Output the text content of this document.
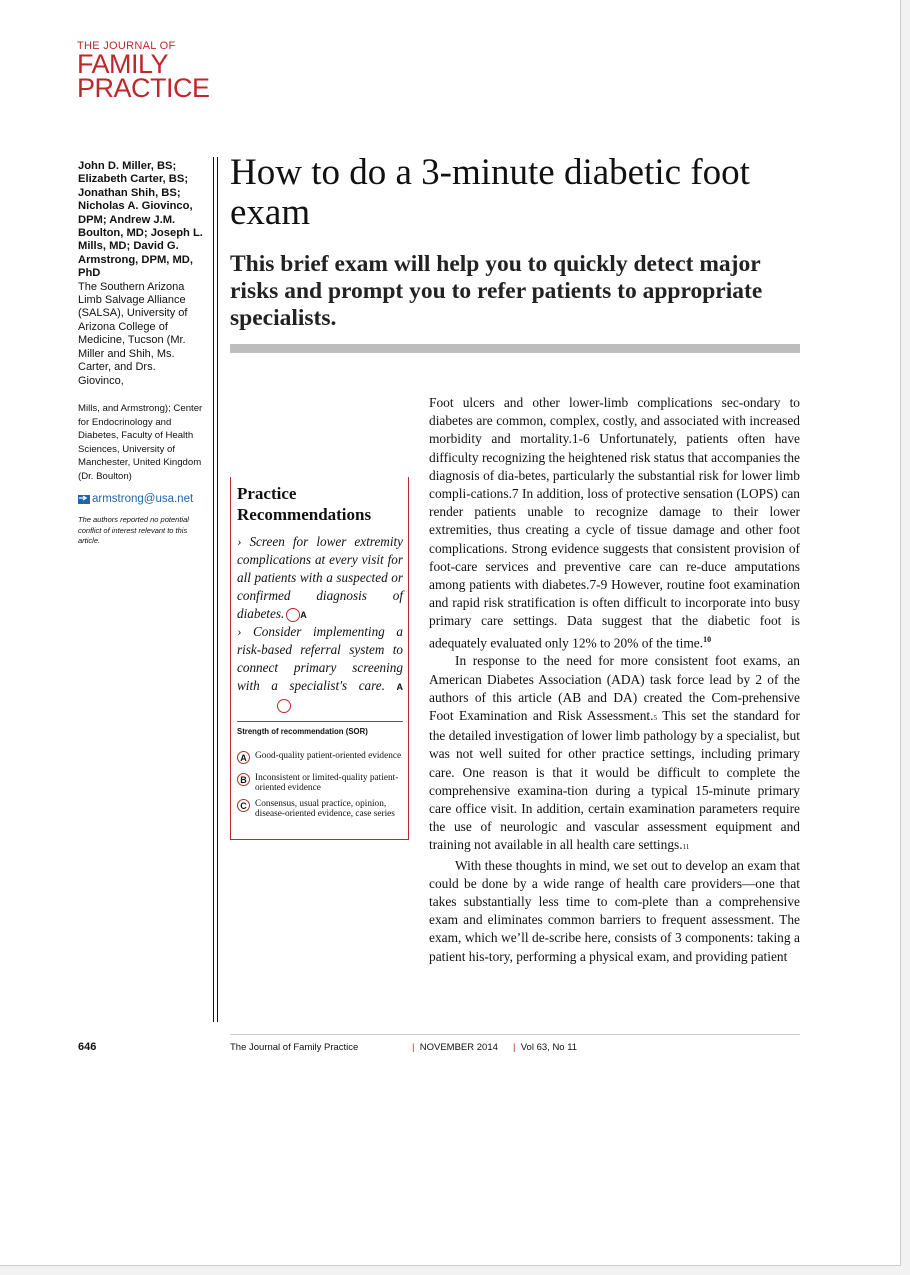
THE JOURNAL OF
FAMILY
PRACTICE
John D. Miller, BS; Elizabeth Carter, BS; Jonathan Shih, BS; Nicholas A. Giovinco, DPM; Andrew J.M. Boulton, MD; Joseph L. Mills, MD; David G. Armstrong, DPM, MD, PhD
The Southern Arizona Limb Salvage Alliance (SALSA), University of Arizona College of Medicine, Tucson (Mr. Miller and Shih, Ms. Carter, and Drs. Giovinco,
Mills, and Armstrong); Center for Endocrinology and Diabetes, Faculty of Health Sciences, University of Manchester, United Kingdom (Dr. Boulton)
armstrong@usa.net
The authors reported no potential conflict of interest relevant to this article.
How to do a 3-minute diabetic foot exam
This brief exam will help you to quickly detect major risks and prompt you to refer patients to appropriate specialists.
Practice Recommendations
› Screen for lower extremity complications at every visit for all patients with a suspected or confirmed diagnosis of diabetes. A
› Consider implementing a risk-based referral system to connect primary screening with a specialist's care. A
Strength of recommendation (SOR)
A Good-quality patient-oriented evidence
B Inconsistent or limited-quality patient-oriented evidence
C Consensus, usual practice, opinion, disease-oriented evidence, case series

Foot ulcers and other lower-limb complications sec-ondary to diabetes are common, complex, costly, and associated with increased morbidity and mortality.1-6 Unfortunately, patients often have difficulty recognizing the heightened risk status that accompanies the diagnosis of dia-betes, particularly the substantial risk for lower limb compli-cations.7 In addition, loss of protective sensation (LOPS) can render patients unable to recognize damage to their lower extremities, thus creating a cycle of tissue damage and other foot complications. Strong evidence suggests that consistent provision of foot-care services and preventive care can re-duce amputations among patients with diabetes.7-9 However, routine foot examination and rapid risk stratification is often difficult to incorporate into busy primary care settings. Data suggest that the diabetic foot is adequately evaluated only 12% to 20% of the time.$^{10}$

In response to the need for more consistent foot exams, an American Diabetes Association (ADA) task force lead by 2 of the authors of this article (AB and DA) created the Com-prehensive Foot Examination and Risk Assessment.5 This set the standard for the detailed investigation of lower limb pathology by a specialist, but was not well suited for other practice settings, including primary care. One reason is that it would be difficult to complete the comprehensive examina-tion during a typical 15-minute primary care office visit. In addition, certain examination parameters require the use of neurologic and vascular assessment equipment and training not available in all health care settings.11

With these thoughts in mind, we set out to develop an exam that could be done by a wide range of health care providers—one that takes substantially less time to com-plete than a comprehensive exam and eliminates common barriers to frequent assessment. The exam, which we’ll de-scribe here, consists of 3 components: taking a patient his-tory, performing a physical exam, and providing patient

646	The Journal of Family Practice	| NOVEMBER 2014 | Vol 63, No 11
